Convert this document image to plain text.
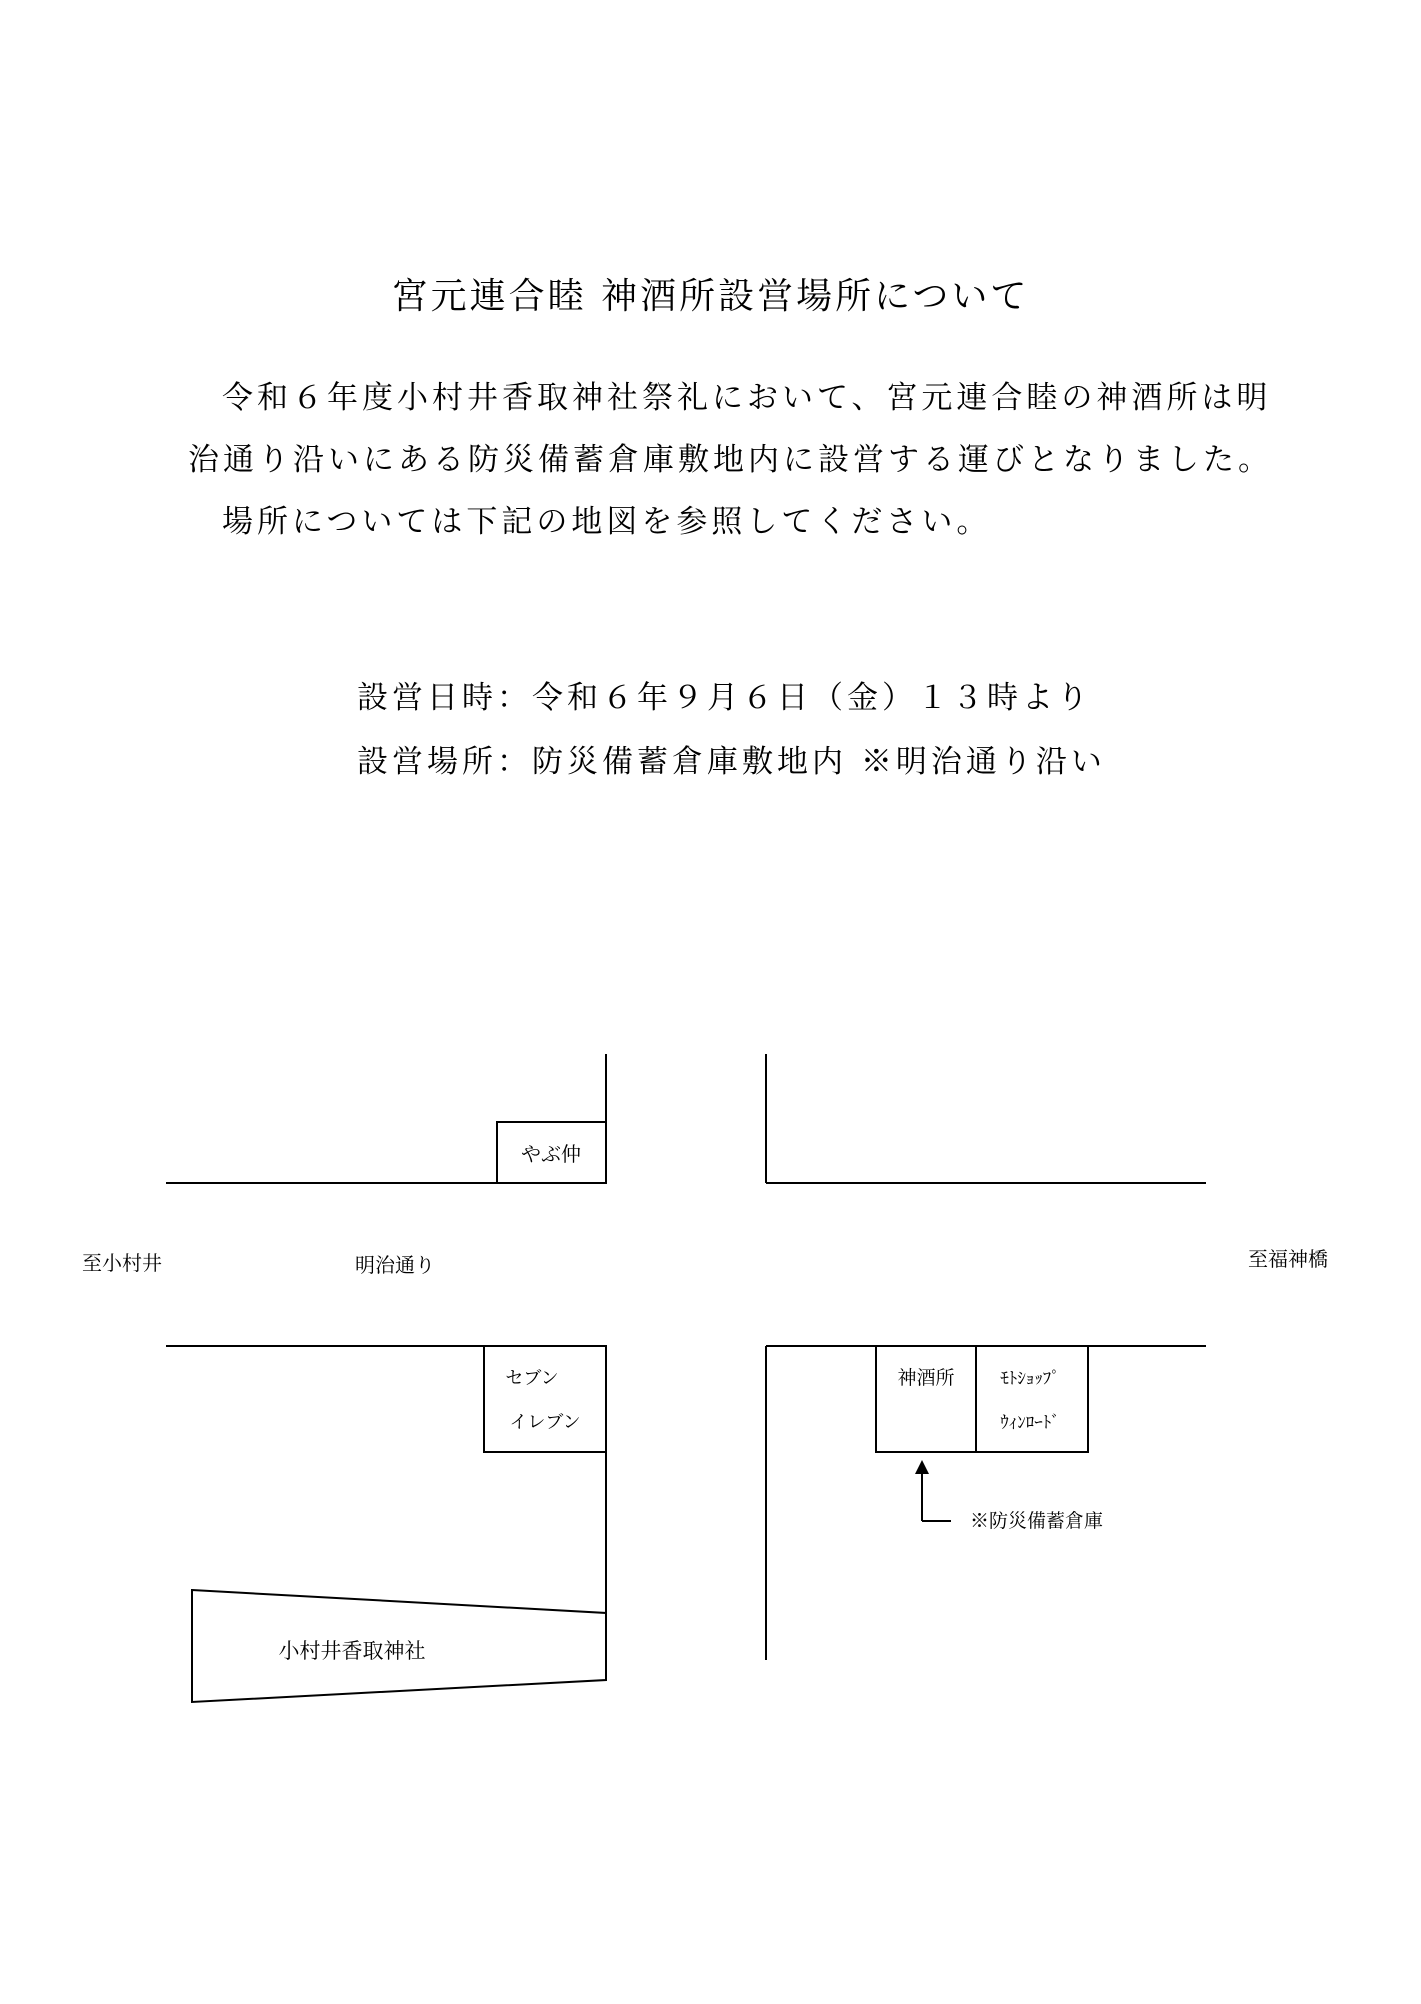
宮元連合睦 神酒所設営場所について
令和６年度小村井香取神社祭礼において、宮元連合睦の神酒所は明
治通り沿いにある防災備蓄倉庫敷地内に設営する運びとなりました。
場所については下記の地図を参照してください。
設営日時：令和６年９月６日（金）１３時より
設営場所：防災備蓄倉庫敷地内 ※明治通り沿い
やぶ仲
至小村井	明治通り	至福神橋
セブン
イレブン
小村井香取神社
神酒所	ﾓﾄｼｮｯﾌﾟ
ｳｨﾝﾛｰﾄﾞ
※防災備蓄倉庫
